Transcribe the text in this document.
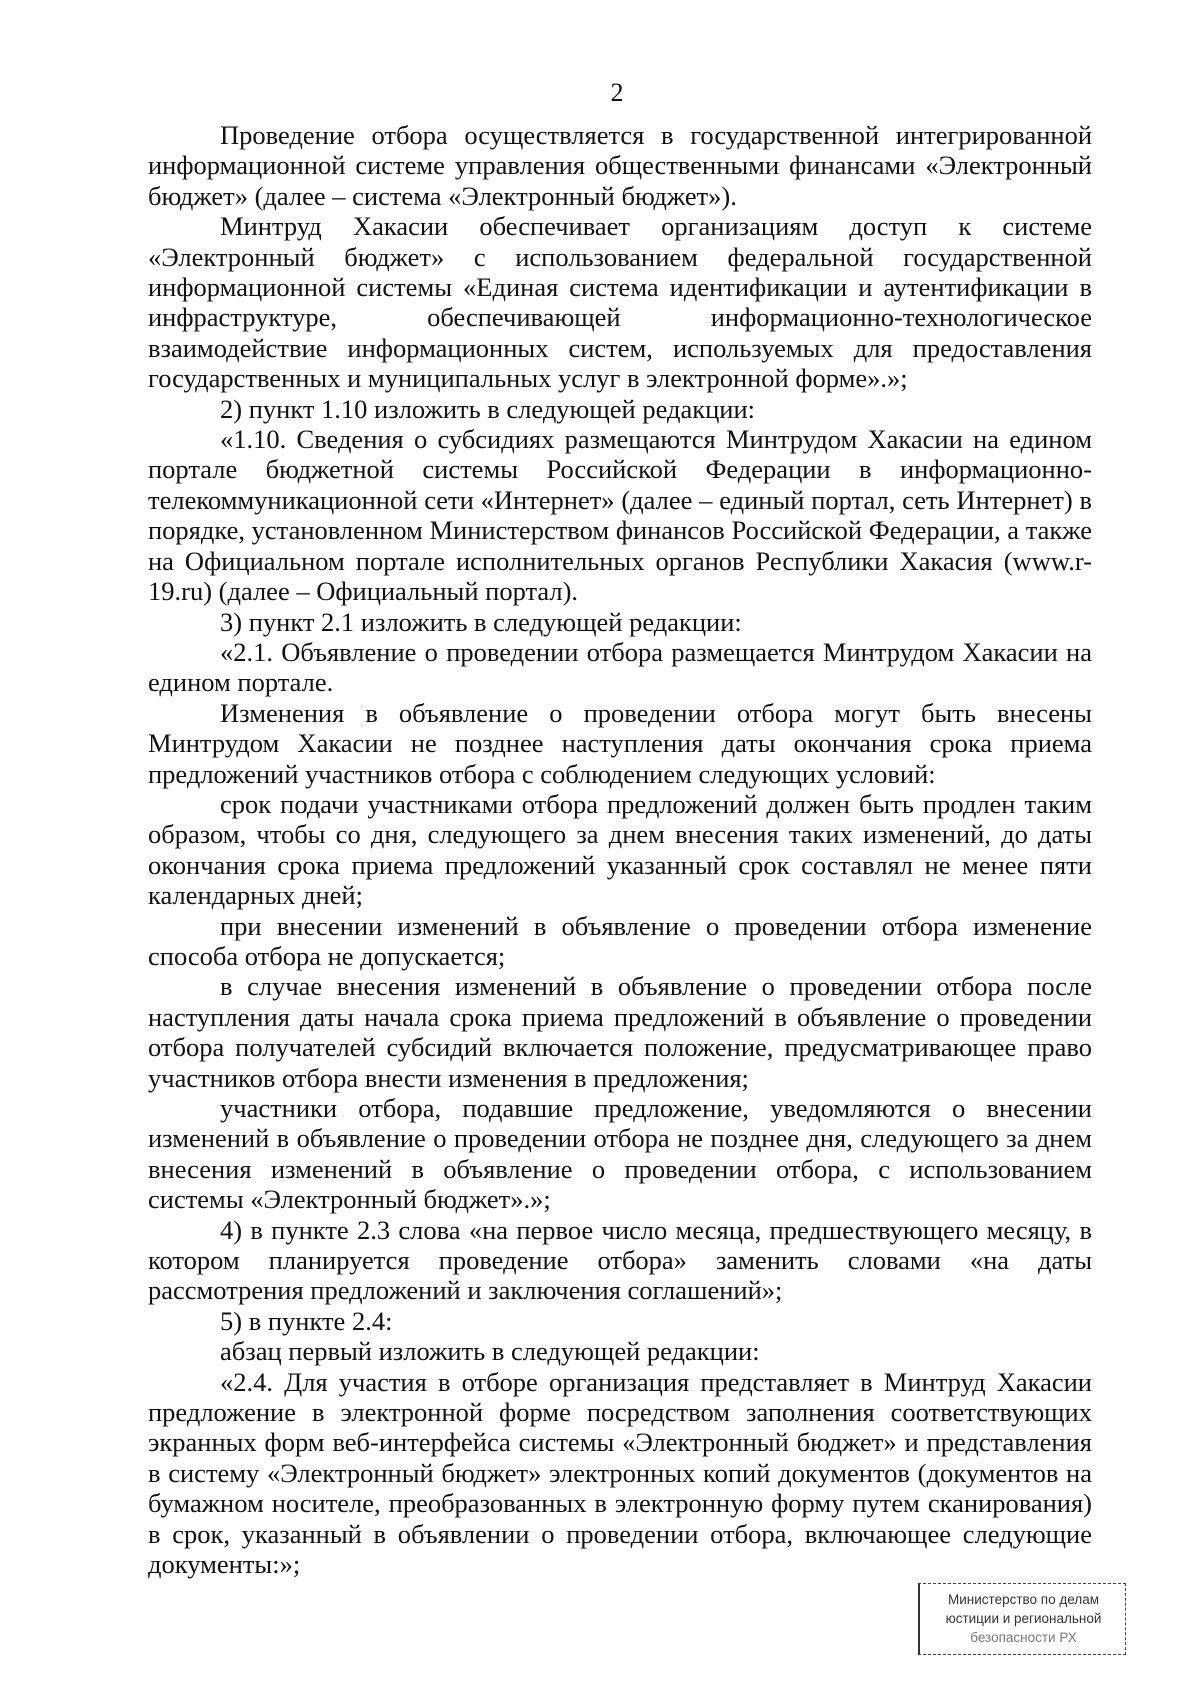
2

Проведение отбора осуществляется в государственной интегрированной информационной системе управления общественными финансами «Электронный бюджет» (далее – система «Электронный бюджет»).

Минтруд Хакасии обеспечивает организациям доступ к системе «Электронный бюджет» с использованием федеральной государственной информационной системы «Единая система идентификации и аутентификации в инфраструктуре, обеспечивающей информационно-технологическое взаимодействие информационных систем, используемых для предоставления государственных и муниципальных услуг в электронной форме».»;

2) пункт 1.10 изложить в следующей редакции:

«1.10. Сведения о субсидиях размещаются Минтрудом Хакасии на едином портале бюджетной системы Российской Федерации в информационно-телекоммуникационной сети «Интернет» (далее – единый портал, сеть Интернет) в порядке, установленном Министерством финансов Российской Федерации, а также на Официальном портале исполнительных органов Республики Хакасия (www.r-19.ru) (далее – Официальный портал).

3) пункт 2.1 изложить в следующей редакции:

«2.1. Объявление о проведении отбора размещается Минтрудом Хакасии на едином портале.

Изменения в объявление о проведении отбора могут быть внесены Минтрудом Хакасии не позднее наступления даты окончания срока приема предложений участников отбора с соблюдением следующих условий:

срок подачи участниками отбора предложений должен быть продлен таким образом, чтобы со дня, следующего за днем внесения таких изменений, до даты окончания срока приема предложений указанный срок составлял не менее пяти календарных дней;

при внесении изменений в объявление о проведении отбора изменение способа отбора не допускается;

в случае внесения изменений в объявление о проведении отбора после наступления даты начала срока приема предложений в объявление о проведении отбора получателей субсидий включается положение, предусматривающее право участников отбора внести изменения в предложения;

участники отбора, подавшие предложение, уведомляются о внесении изменений в объявление о проведении отбора не позднее дня, следующего за днем внесения изменений в объявление о проведении отбора, с использованием системы «Электронный бюджет».»;

4) в пункте 2.3 слова «на первое число месяца, предшествующего месяцу, в котором планируется проведение отбора» заменить словами «на даты рассмотрения предложений и заключения соглашений»;

5) в пункте 2.4:

абзац первый изложить в следующей редакции:

«2.4. Для участия в отборе организация представляет в Минтруд Хакасии предложение в электронной форме посредством заполнения соответствующих экранных форм веб-интерфейса системы «Электронный бюджет» и представления в систему «Электронный бюджет» электронных копий документов (документов на бумажном носителе, преобразованных в электронную форму путем сканирования) в срок, указанный в объявлении о проведении отбора, включающее следующие документы:»;

Министерство по делам
юстиции и региональной
безопасности РХ
